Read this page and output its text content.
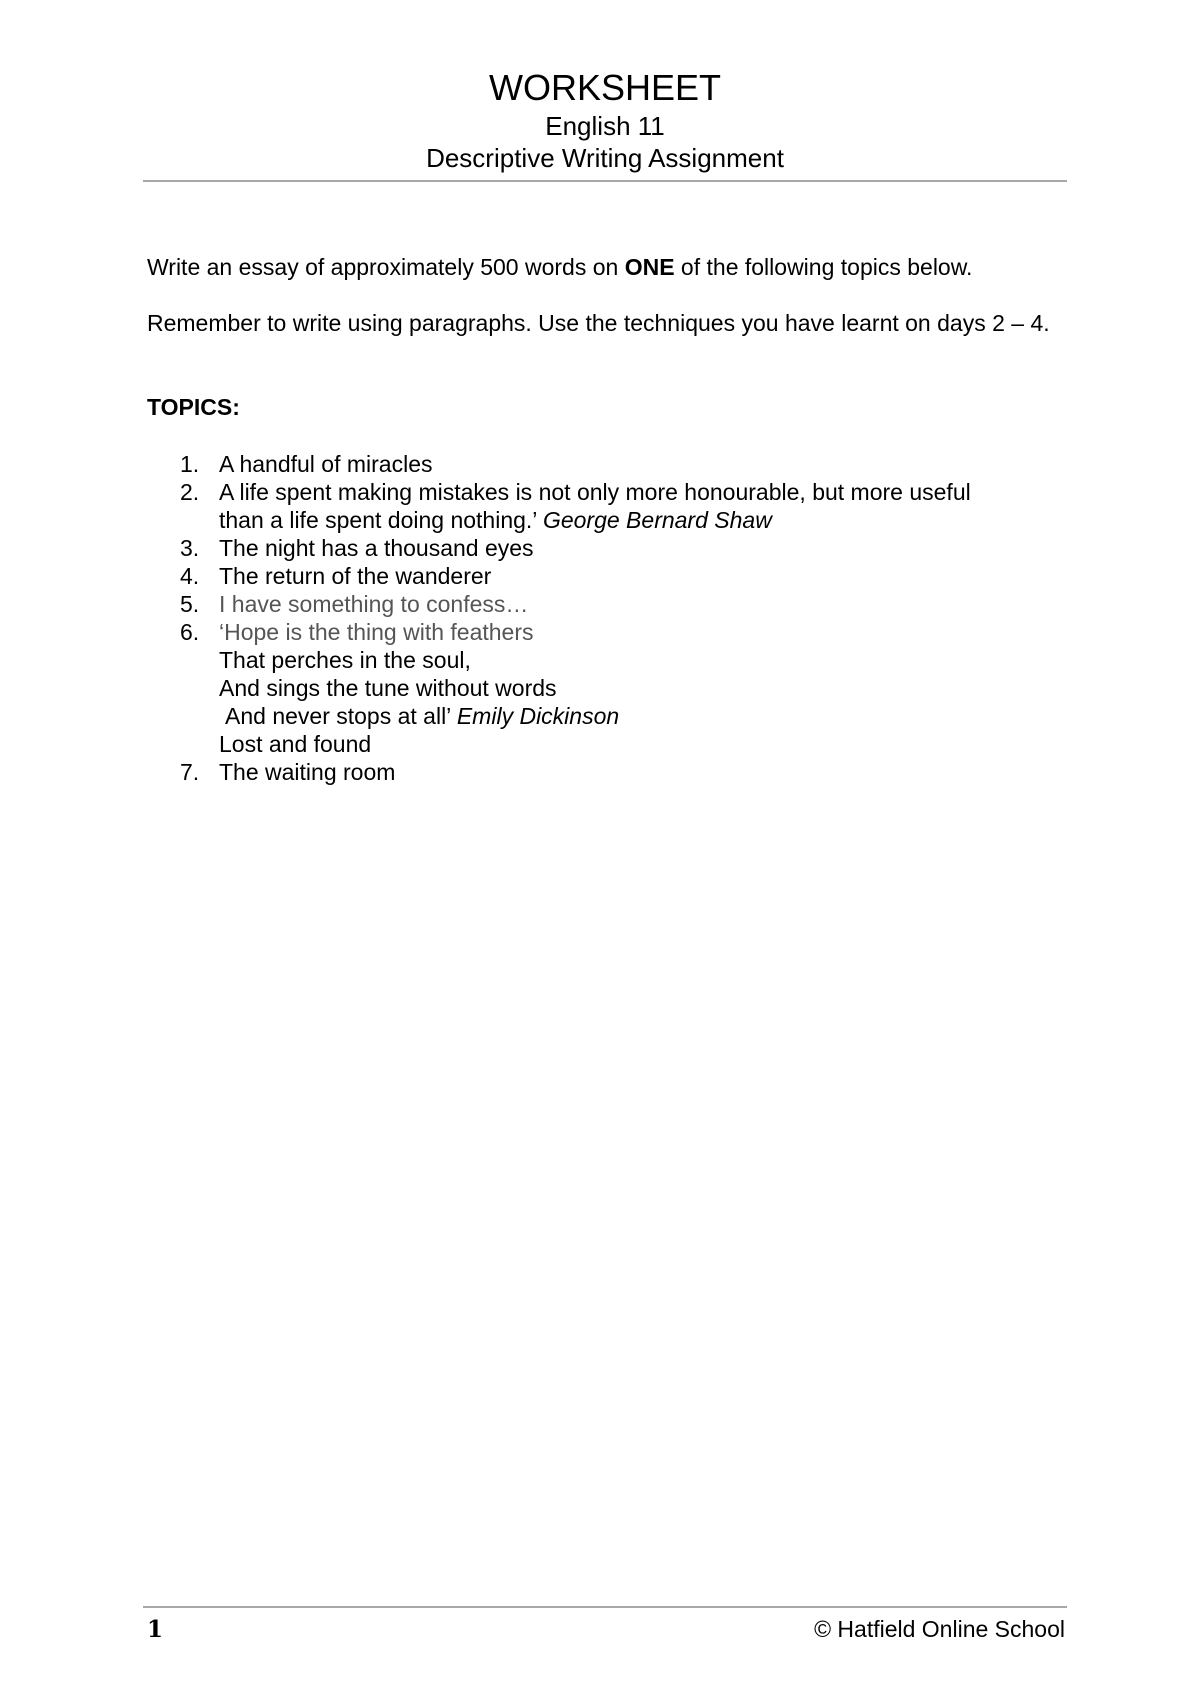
WORKSHEET

English 11

Descriptive Writing Assignment

Write an essay of approximately 500 words on ONE of the following topics below.

Remember to write using paragraphs. Use the techniques you have learnt on days 2 – 4.

TOPICS:

1. A handful of miracles
2. A life spent making mistakes is not only more honourable, but more useful
than a life spent doing nothing.’ George Bernard Shaw
3. The night has a thousand eyes
4. The return of the wanderer
5. I have something to confess…
6. ‘Hope is the thing with feathers
That perches in the soul,
And sings the tune without words
And never stops at all’ Emily Dickinson
Lost and found
7. The waiting room
1	© Hatfield Online School
